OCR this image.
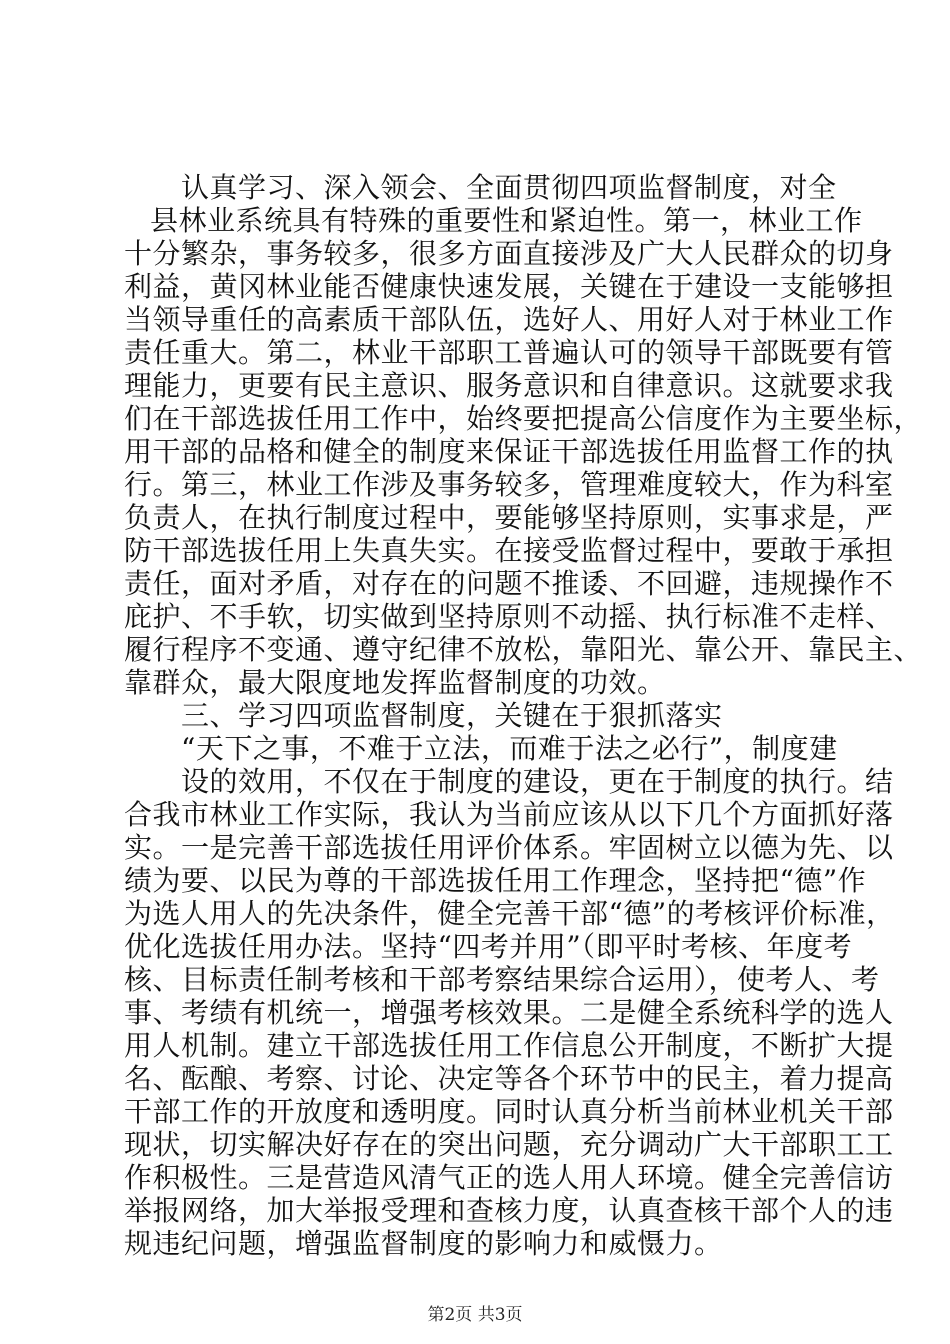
认真学习、深入领会、全面贯彻四项监督制度，对全
县林业系统具有特殊的重要性和紧迫性。第一，林业工作
十分繁杂，事务较多，很多方面直接涉及广大人民群众的切身
利益，黄冈林业能否健康快速发展，关键在于建设一支能够担
当领导重任的高素质干部队伍，选好人、用好人对于林业工作
责任重大。第二，林业干部职工普遍认可的领导干部既要有管
理能力，更要有民主意识、服务意识和自律意识。这就要求我
们在干部选拔任用工作中，始终要把提高公信度作为主要坐标，
用干部的品格和健全的制度来保证干部选拔任用监督工作的执
行。第三，林业工作涉及事务较多，管理难度较大，作为科室
负责人，在执行制度过程中，要能够坚持原则，实事求是，严
防干部选拔任用上失真失实。在接受监督过程中，要敢于承担
责任，面对矛盾，对存在的问题不推诿、不回避，违规操作不
庇护、不手软，切实做到坚持原则不动摇、执行标准不走样、
履行程序不变通、遵守纪律不放松，靠阳光、靠公开、靠民主、
靠群众，最大限度地发挥监督制度的功效。
三、学习四项监督制度，关键在于狠抓落实
“天下之事，不难于立法，而难于法之必行”，制度建
设的效用，不仅在于制度的建设，更在于制度的执行。结
合我市林业工作实际，我认为当前应该从以下几个方面抓好落
实。一是完善干部选拔任用评价体系。牢固树立以德为先、以
绩为要、以民为尊的干部选拔任用工作理念，坚持把“德”作
为选人用人的先决条件，健全完善干部“德”的考核评价标准，
优化选拔任用办法。坚持“四考并用”（即平时考核、年度考
核、目标责任制考核和干部考察结果综合运用），使考人、考
事、考绩有机统一，增强考核效果。二是健全系统科学的选人
用人机制。建立干部选拔任用工作信息公开制度，不断扩大提
名、酝酿、考察、讨论、决定等各个环节中的民主，着力提高
干部工作的开放度和透明度。同时认真分析当前林业机关干部
现状，切实解决好存在的突出问题，充分调动广大干部职工工
作积极性。三是营造风清气正的选人用人环境。健全完善信访
举报网络，加大举报受理和查核力度，认真查核干部个人的违
规违纪问题，增强监督制度的影响力和威慑力。
第2页 共3页
